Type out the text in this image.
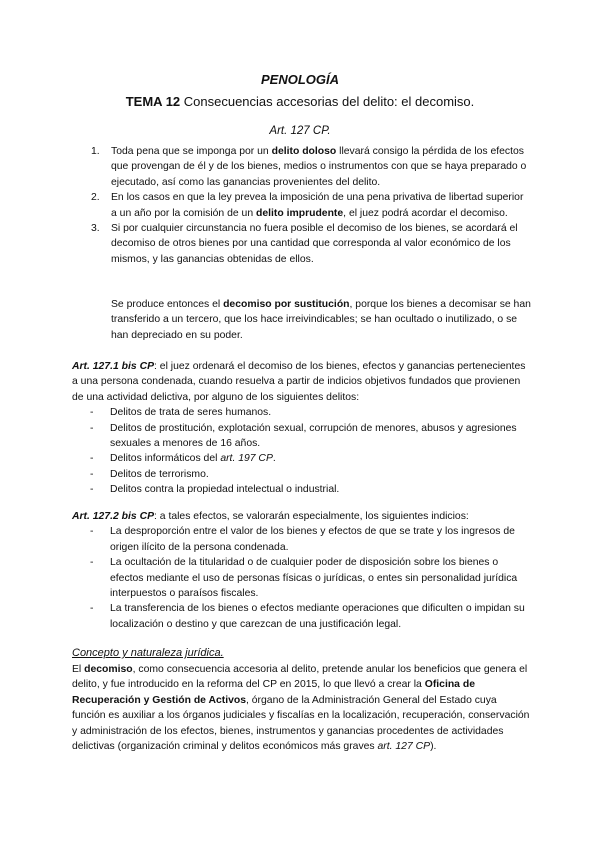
PENOLOGÍA
TEMA 12 Consecuencias accesorias del delito: el decomiso.
Art. 127 CP.
1. Toda pena que se imponga por un delito doloso llevará consigo la pérdida de los efectos que provengan de él y de los bienes, medios o instrumentos con que se haya preparado o ejecutado, así como las ganancias provenientes del delito.
2. En los casos en que la ley prevea la imposición de una pena privativa de libertad superior a un año por la comisión de un delito imprudente, el juez podrá acordar el decomiso.
3. Si por cualquier circunstancia no fuera posible el decomiso de los bienes, se acordará el decomiso de otros bienes por una cantidad que corresponda al valor económico de los mismos, y las ganancias obtenidas de ellos.
Se produce entonces el decomiso por sustitución, porque los bienes a decomisar se han transferido a un tercero, que los hace irreivindicables; se han ocultado o inutilizado, o se han depreciado en su poder.
Art. 127.1 bis CP: el juez ordenará el decomiso de los bienes, efectos y ganancias pertenecientes a una persona condenada, cuando resuelva a partir de indicios objetivos fundados que provienen de una actividad delictiva, por alguno de los siguientes delitos:
- Delitos de trata de seres humanos.
- Delitos de prostitución, explotación sexual, corrupción de menores, abusos y agresiones sexuales a menores de 16 años.
- Delitos informáticos del art. 197 CP.
- Delitos de terrorismo.
- Delitos contra la propiedad intelectual o industrial.
Art. 127.2 bis CP: a tales efectos, se valorarán especialmente, los siguientes indicios:
- La desproporción entre el valor de los bienes y efectos de que se trate y los ingresos de origen ilícito de la persona condenada.
- La ocultación de la titularidad o de cualquier poder de disposición sobre los bienes o efectos mediante el uso de personas físicas o jurídicas, o entes sin personalidad jurídica interpuestos o paraísos fiscales.
- La transferencia de los bienes o efectos mediante operaciones que dificulten o impidan su localización o destino y que carezcan de una justificación legal.
Concepto y naturaleza jurídica.
El decomiso, como consecuencia accesoria al delito, pretende anular los beneficios que genera el delito, y fue introducido en la reforma del CP en 2015, lo que llevó a crear la Oficina de Recuperación y Gestión de Activos, órgano de la Administración General del Estado cuya función es auxiliar a los órganos judiciales y fiscalías en la localización, recuperación, conservación y administración de los efectos, bienes, instrumentos y ganancias procedentes de actividades delictivas (organización criminal y delitos económicos más graves art. 127 CP).
